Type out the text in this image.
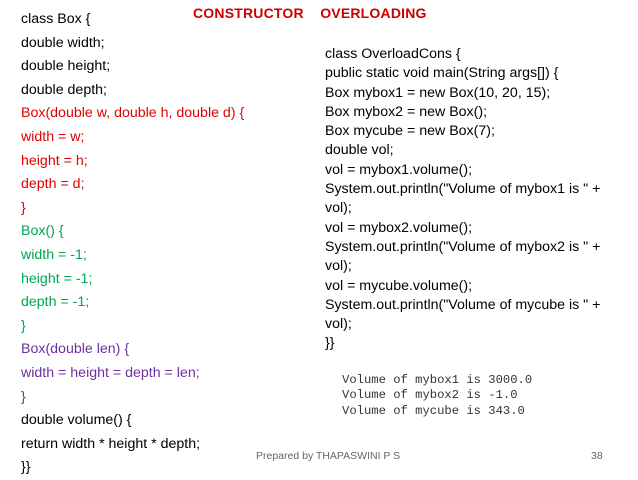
CONSTRUCTOR    OVERLOADING
class Box {
double width;
double height;
double depth;
Box(double w, double h, double d) {
width = w;
height = h;
depth = d;
}
Box() {
width = -1;
height = -1;
depth = -1;
}
Box(double len) {
width = height = depth = len;
}
double volume() {
return width * height * depth;
}}
class OverloadCons {
public static void main(String args[]) {
Box mybox1 = new Box(10, 20, 15);
Box mybox2 = new Box();
Box mycube = new Box(7);
double vol;
vol = mybox1.volume();
System.out.println("Volume of mybox1 is " +
vol);
vol = mybox2.volume();
System.out.println("Volume of mybox2 is " +
vol);
vol = mycube.volume();
System.out.println("Volume of mycube is " +
vol);
}}
Volume of mybox1 is 3000.0
Volume of mybox2 is -1.0
Volume of mycube is 343.0
Prepared by THAPASWINI P S	38
